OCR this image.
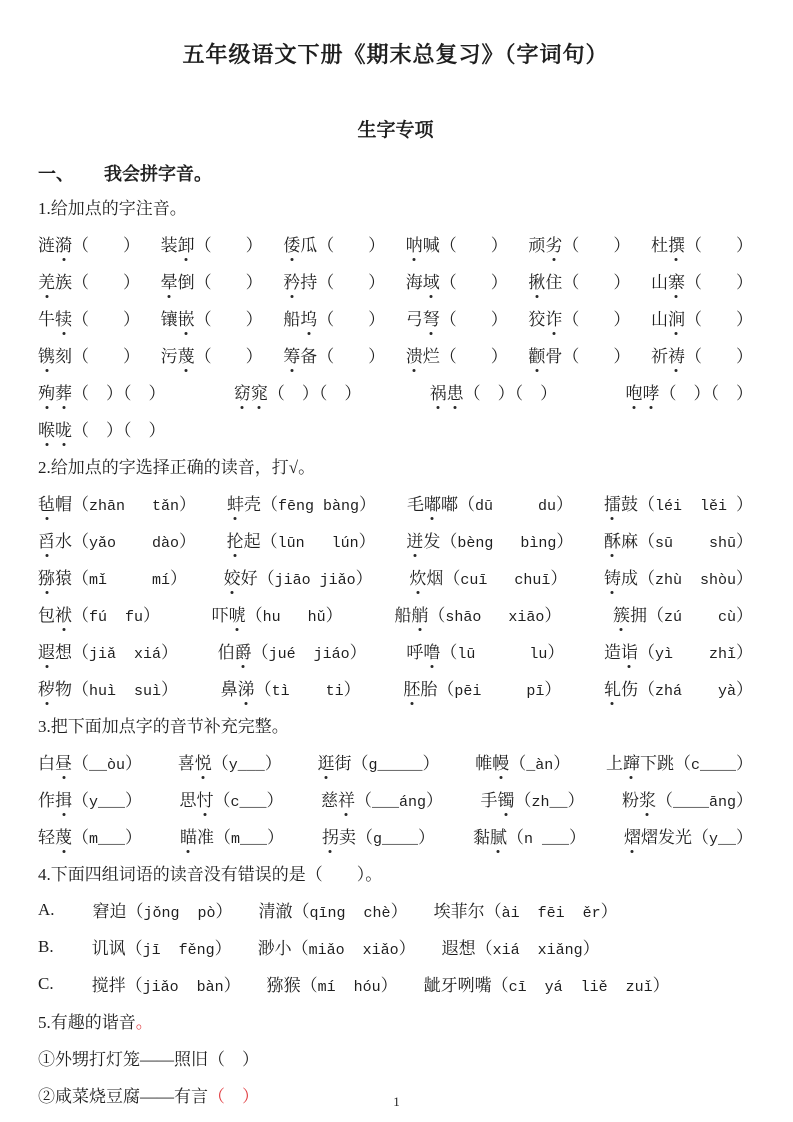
五年级语文下册《期末总复习》（字词句）
生字专项
一、 我会拼字音。
1.给加点的字注音。
涟漪（　　） 装卸（　　） 倭瓜（　　） 呐喊（　　） 顽劣（　　） 杜撰（　　）
羌族（　　） 晕倒（　　） 矜持（　　） 海域（　　） 揪住（　　） 山寨（　　）
牛犊（　　） 镶嵌（　　） 船坞（　　） 弓弩（　　） 狡诈（　　） 山涧（　　）
镌刻（　　） 污蔑（　　） 筹备（　　） 溃烂（　　） 颧骨（　　） 祈祷（　　）
殉葬（　）（　）	窈窕（　）（　）	祸患（　）（　）	咆哮（　）（　）
喉咙（　）（　）
2.给加点的字选择正确的读音，打√。
毡帽（zhān   tǎn） 蚌壳（fēng bàng） 毛嘟嘟（dū     du） 擂鼓（léi  lěi ）
舀水（yǎo    dào） 抡起（lūn   lún） 迸发（bèng   bìng） 酥麻（sū    shū）
猕猿（mǐ     mí） 姣好（jiāo jiǎo） 炊烟（cuī   chuī） 铸成（zhù  shòu）
包袱（fú  fu）	吓唬（hu   hǔ）	船艄（shāo   xiāo）	簇拥（zú    cù）
遐想（jiǎ  xiá） 伯爵（jué  jiáo） 呼噜（lū      lu） 造诣（yì    zhǐ）
秽物（huì  suì）	鼻涕（tì    ti）	胚胎（pēi     pī）	轧伤（zhá    yà）
3.把下面加点字的音节补充完整。
白昼（__òu） 喜悦（y___） 逛街（g_____） 帷幔（_àn） 上蹿下跳（c____）
作揖（y___） 思忖（c___） 慈祥（___áng） 手镯（zh__） 粉浆（____āng）
轻蔑（m___） 瞄准（m___） 拐卖（g____） 黏腻（n ___） 熠熠发光（y__）
4.下面四组词语的读音没有错误的是（　　）。
A. 窘迫（jǒng  pò） 清澈（qīng  chè） 埃菲尔（ài  fēi  ěr）
B. 讥讽（jī  fěng） 渺小（miǎo  xiǎo） 遐想（xiá  xiǎng）
C. 搅拌（jiǎo  bàn） 猕猴（mí  hóu） 龇牙咧嘴（cī  yá  liě  zuǐ）
5.有趣的谐音 。
①外甥打灯笼——照旧 （　）
②咸菜烧豆腐——有言 （　）	1
